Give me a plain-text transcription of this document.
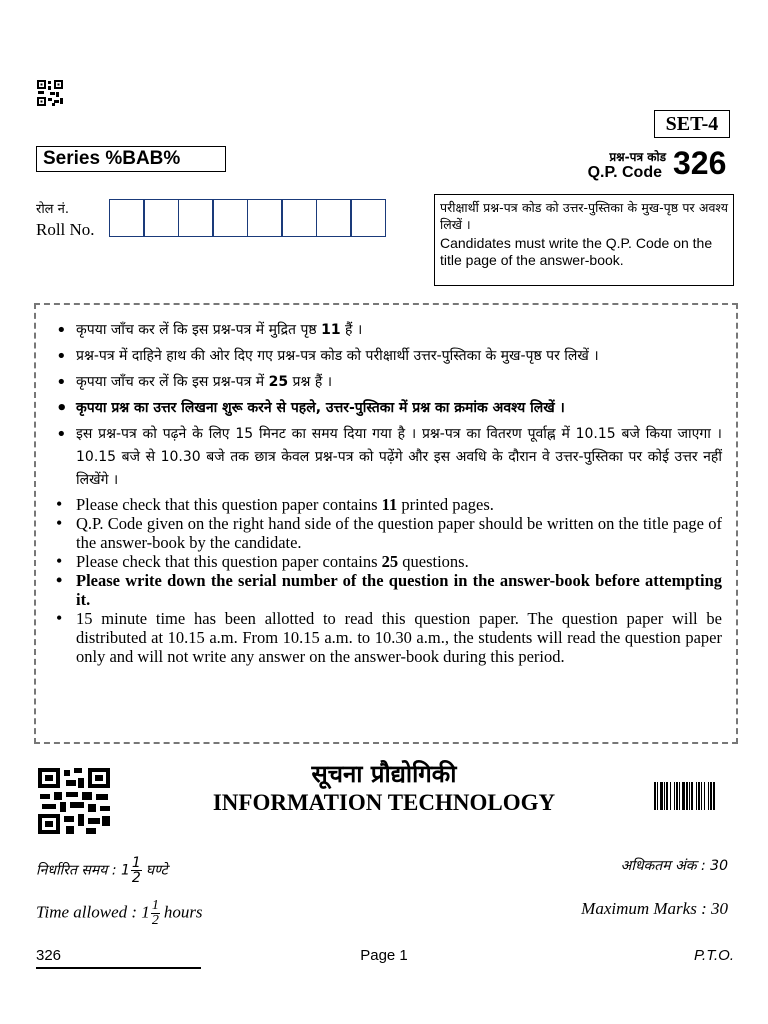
SET-4
Series %BAB%	प्रश्न-पत्र कोड
Q.P. Code 326
रोल नं.
Roll No.
परीक्षार्थी प्रश्न-पत्र कोड को उत्तर-पुस्तिका के मुख-पृष्ठ पर अवश्य लिखें ।
Candidates must write the Q.P. Code on the title page of the answer-book.
• कृपया जाँच कर लें कि इस प्रश्न-पत्र में मुद्रित पृष्ठ 11 हैं ।
• प्रश्न-पत्र में दाहिने हाथ की ओर दिए गए प्रश्न-पत्र कोड को परीक्षार्थी उत्तर-पुस्तिका के मुख-पृष्ठ पर लिखें ।
• कृपया जाँच कर लें कि इस प्रश्न-पत्र में 25 प्रश्न हैं ।
• कृपया प्रश्न का उत्तर लिखना शुरू करने से पहले, उत्तर-पुस्तिका में प्रश्न का क्रमांक अवश्य लिखें ।
• इस प्रश्न-पत्र को पढ़ने के लिए 15 मिनट का समय दिया गया है । प्रश्न-पत्र का वितरण पूर्वाह्न में 10.15 बजे किया जाएगा । 10.15 बजे से 10.30 बजे तक छात्र केवल प्रश्न-पत्र को पढ़ेंगे और इस अवधि के दौरान वे उत्तर-पुस्तिका पर कोई उत्तर नहीं लिखेंगे ।
• Please check that this question paper contains 11 printed pages.
• Q.P. Code given on the right hand side of the question paper should be written on the title page of the answer-book by the candidate.
• Please check that this question paper contains 25 questions.
• Please write down the serial number of the question in the answer-book before attempting it.
• 15 minute time has been allotted to read this question paper. The question paper will be distributed at 10.15 a.m. From 10.15 a.m. to 10.30 a.m., the students will read the question paper only and will not write any answer on the answer-book during this period.
सूचना प्रौद्योगिकी
INFORMATION TECHNOLOGY
निर्धारित समय : $1 \frac{1}{2}$ घण्टे	अधिकतम अंक : 30
Time allowed : $1 \frac{1}{2}$ hours	Maximum Marks : 30
326	Page 1	P.T.O.
